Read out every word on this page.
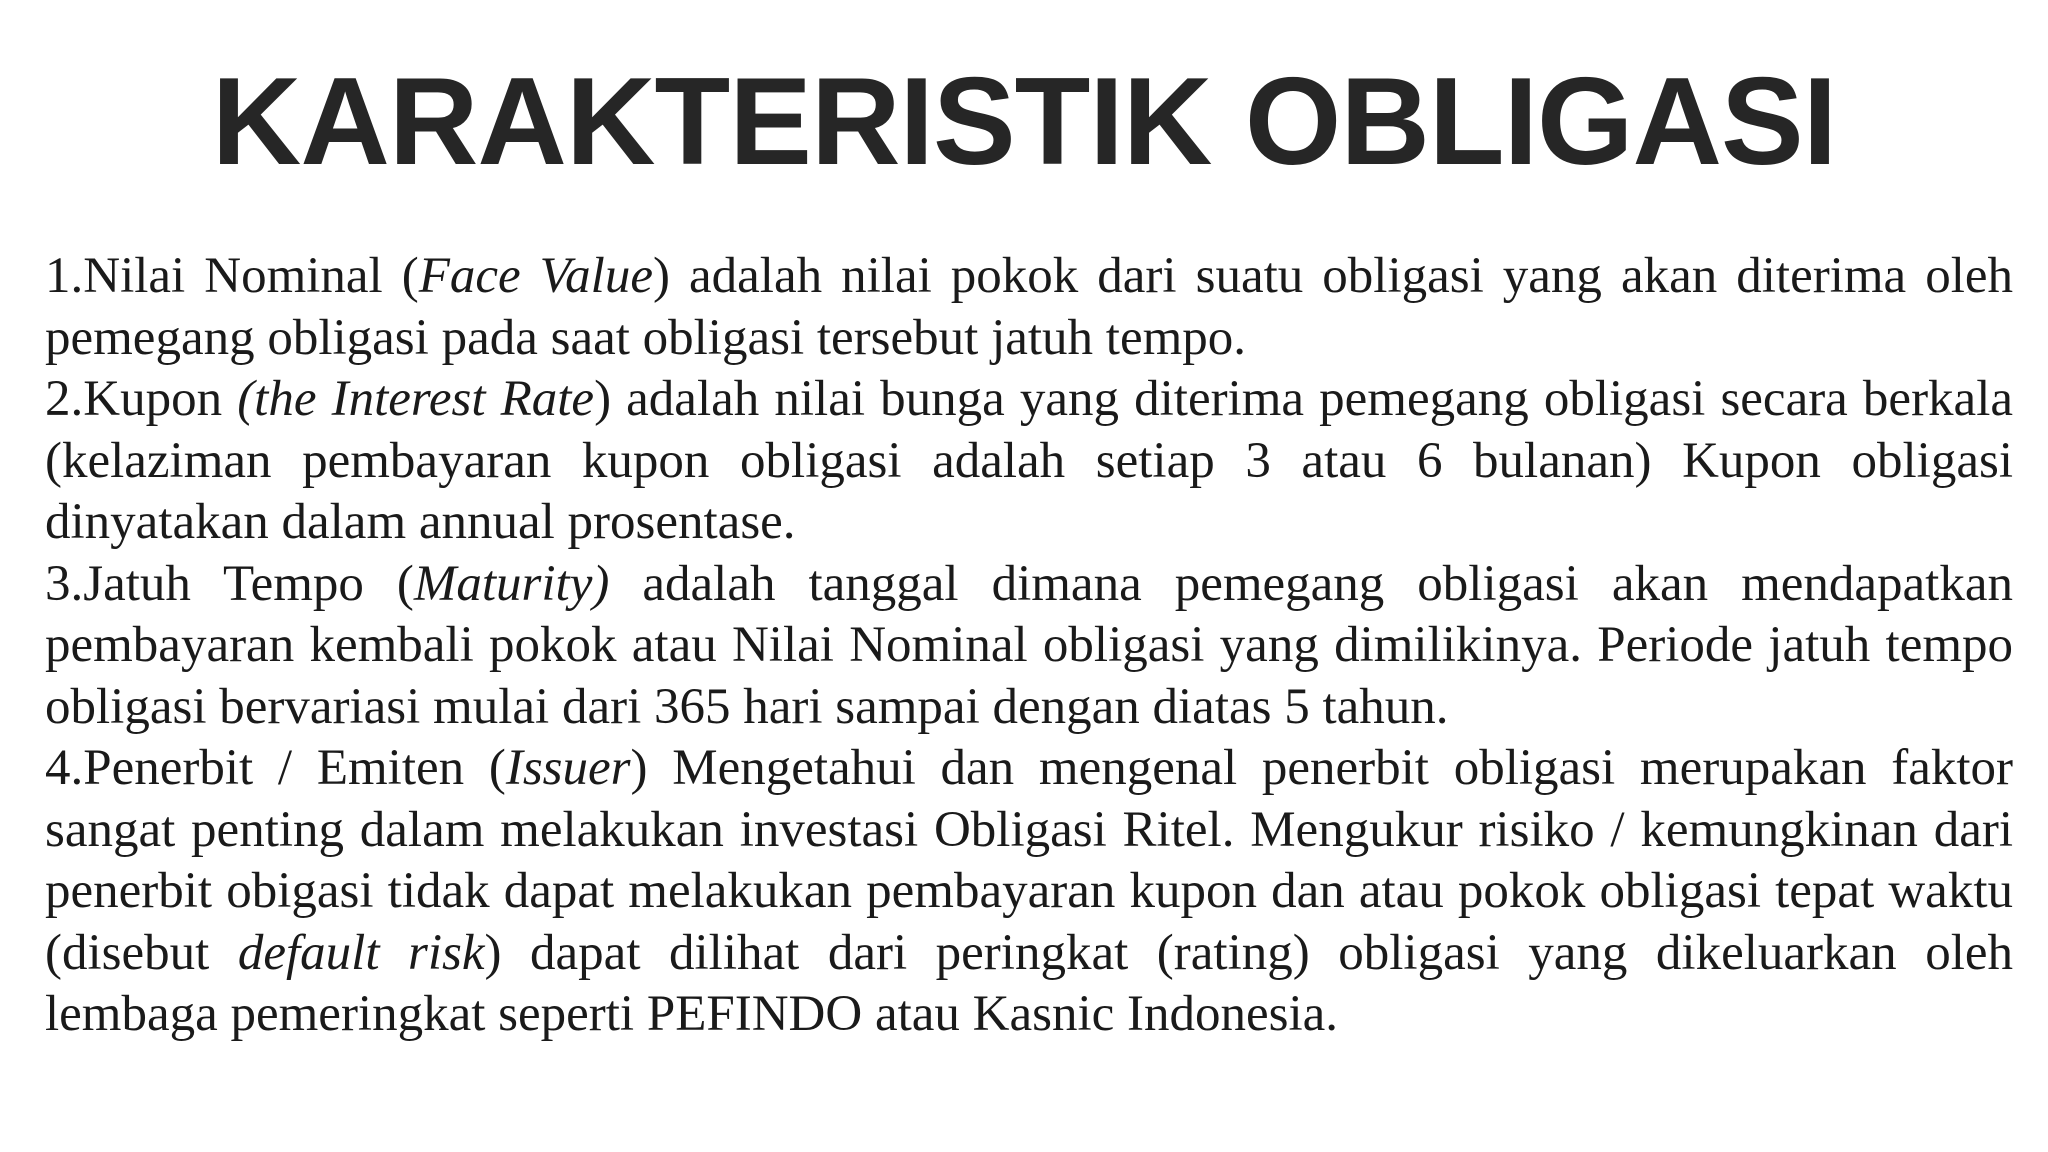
KARAKTERISTIK OBLIGASI

1.Nilai Nominal (Face Value) adalah nilai pokok dari suatu obligasi yang akan diterima oleh pemegang obligasi pada saat obligasi tersebut jatuh tempo.

2.Kupon (the Interest Rate) adalah nilai bunga yang diterima pemegang obligasi secara berkala (kelaziman pembayaran kupon obligasi adalah setiap 3 atau 6 bulanan) Kupon obligasi dinyatakan dalam annual prosentase.

3.Jatuh Tempo (Maturity) adalah tanggal dimana pemegang obligasi akan mendapatkan pembayaran kembali pokok atau Nilai Nominal obligasi yang dimilikinya. Periode jatuh tempo obligasi bervariasi mulai dari 365 hari sampai dengan diatas 5 tahun.

4.Penerbit / Emiten (Issuer) Mengetahui dan mengenal penerbit obligasi merupakan faktor sangat penting dalam melakukan investasi Obligasi Ritel. Mengukur risiko / kemungkinan dari penerbit obigasi tidak dapat melakukan pembayaran kupon dan atau pokok obligasi tepat waktu (disebut default risk) dapat dilihat dari peringkat (rating) obligasi yang dikeluarkan oleh lembaga pemeringkat seperti PEFINDO atau Kasnic Indonesia.
